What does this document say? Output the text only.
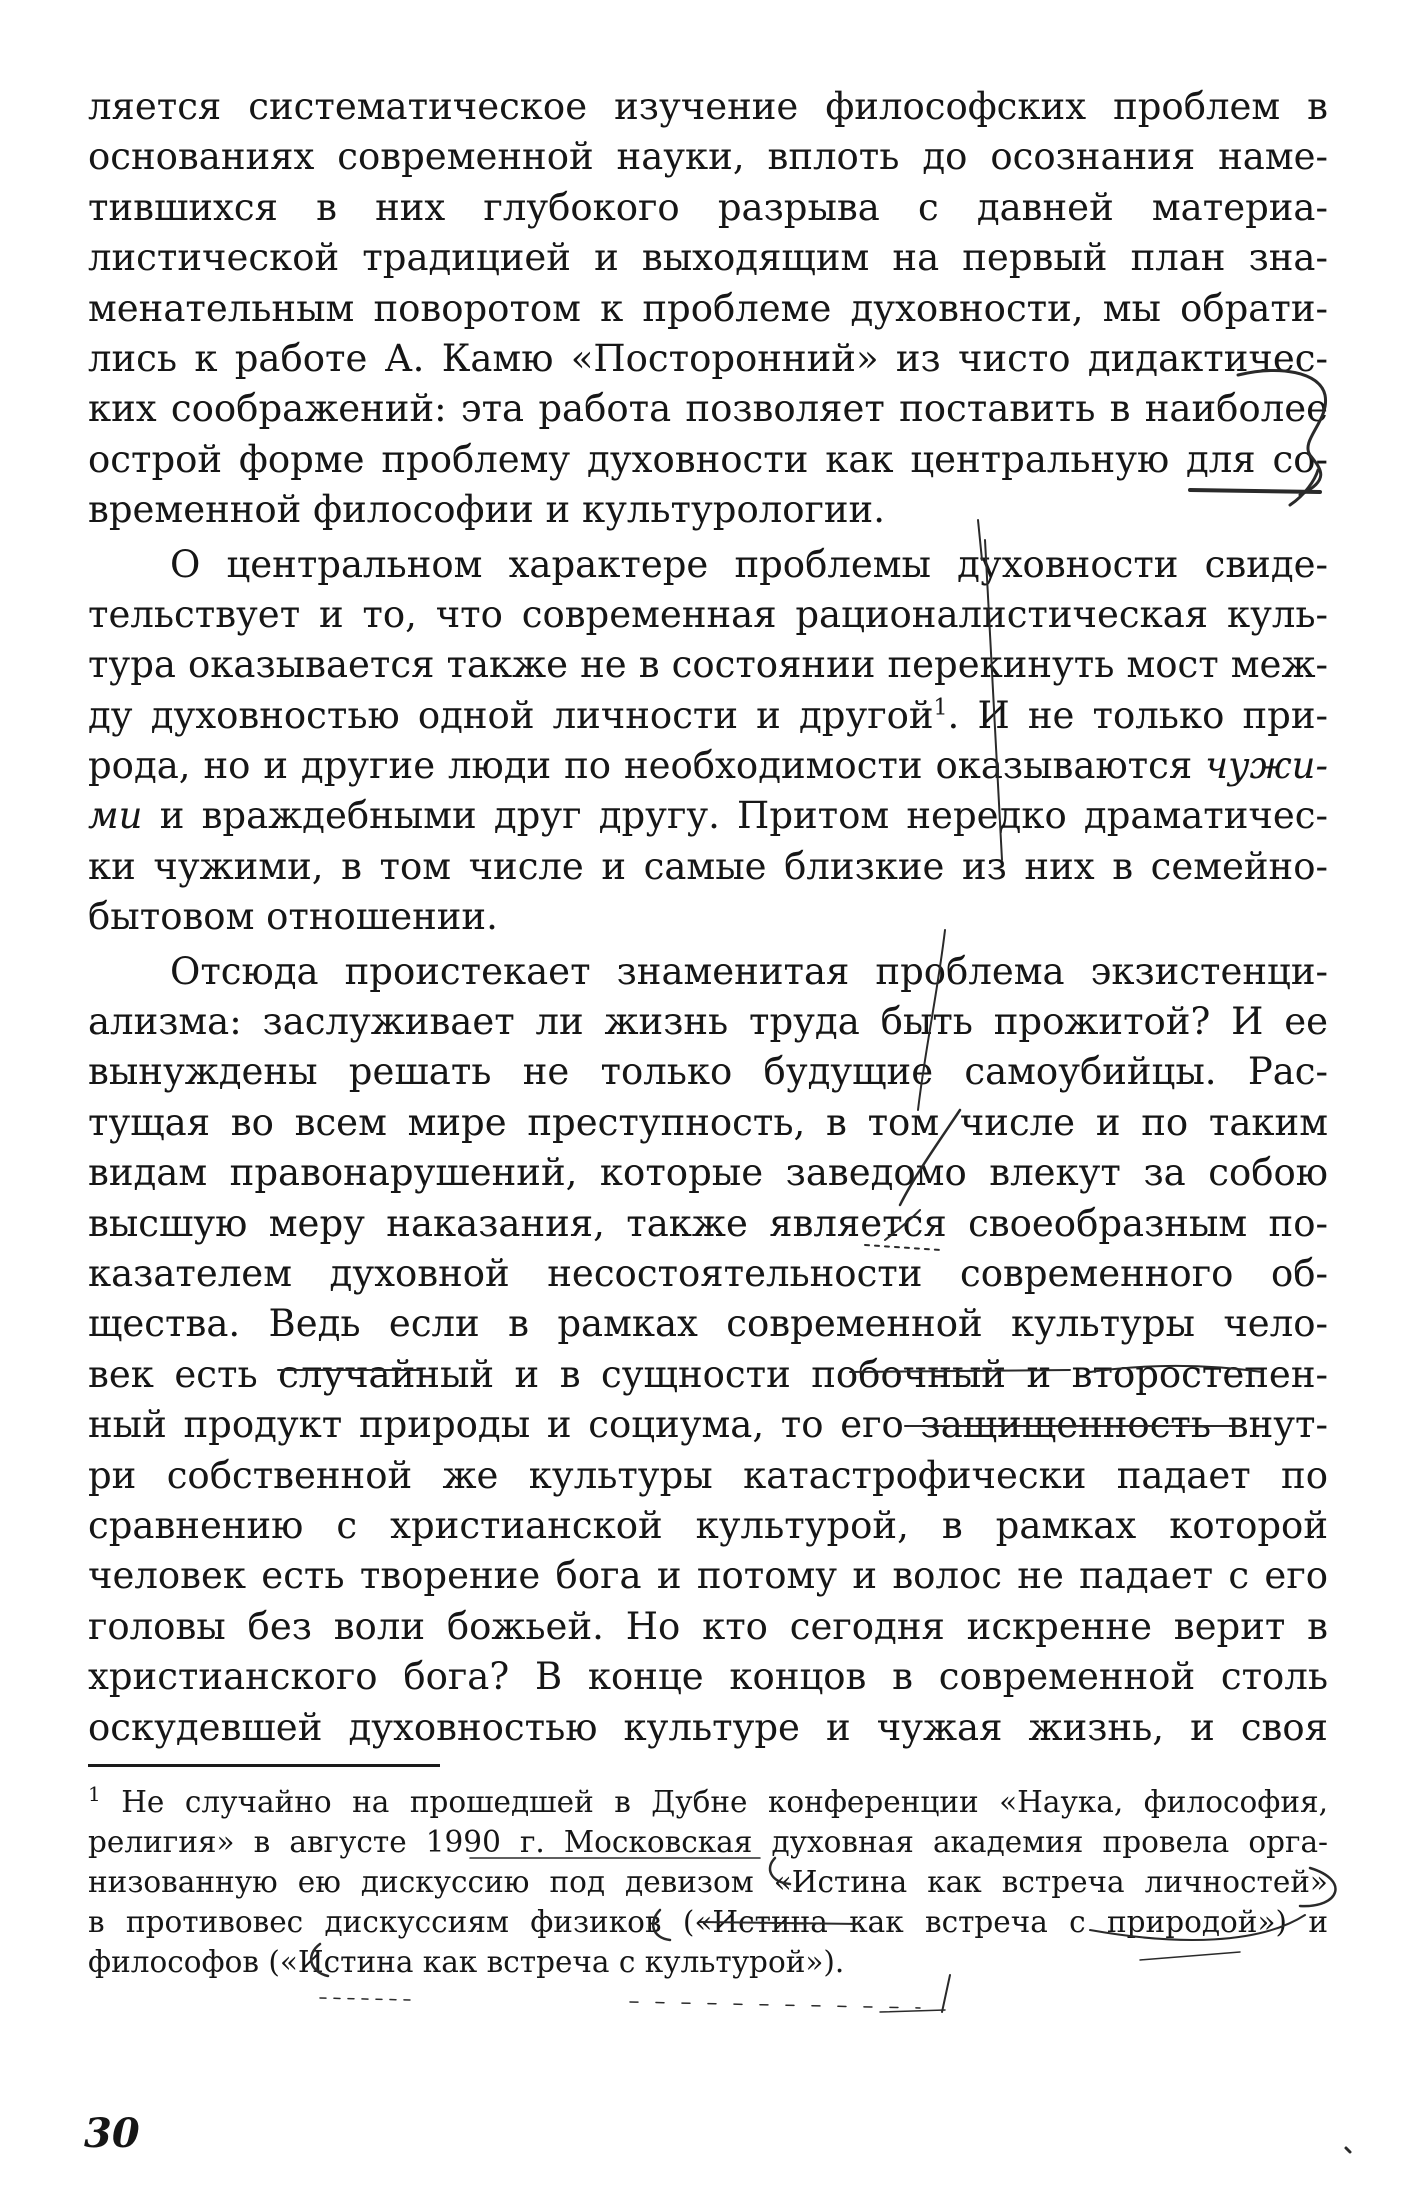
ляется систематическое изучение философских проблем в
основаниях современной науки, вплоть до осознания наме-
тившихся в них глубокого разрыва с давней материа-
листической традицией и выходящим на первый план зна-
менательным поворотом к проблеме духовности, мы обрати-
лись к работе А. Камю «Посторонний» из чисто дидактичес-
ких соображений: эта работа позволяет поставить в наиболее
острой форме проблему духовности как центральную для со-
временной философии и культурологии.
О центральном характере проблемы духовности свиде-
тельствует и то, что современная рационалистическая куль-
тура оказывается также не в состоянии перекинуть мост меж-
ду духовностью одной личности и другой$^1$. И не только при-
рода, но и другие люди по необходимости оказываются чужи-
ми и враждебными друг другу. Притом нередко драматичес-
ки чужими, в том числе и самые близкие из них в семейно-
бытовом отношении.
Отсюда проистекает знаменитая проблема экзистенци-
ализма: заслуживает ли жизнь труда быть прожитой? И ее
вынуждены решать не только будущие самоубийцы. Рас-
тущая во всем мире преступность, в том числе и по таким
видам правонарушений, которые заведомо влекут за собою
высшую меру наказания, также является своеобразным по-
казателем духовной несостоятельности современного об-
щества. Ведь если в рамках современной культуры чело-
век есть случайный и в сущности побочный и второстепен-
ный продукт природы и социума, то его защищенность внут-
ри собственной же культуры катастрофически падает по
сравнению с христианской культурой, в рамках которой
человек есть творение бога и потому и волос не падает с его
головы без воли божьей. Но кто сегодня искренне верит в
христианского бога? В конце концов в современной столь
оскудевшей духовностью культуре и чужая жизнь, и своя
$^1$ Не случайно на прошедшей в Дубне конференции «Наука, философия,
религия» в августе 1990 г. Московская духовная академия провела орга-
низованную ею дискуссию под девизом «Истина как встреча личностей»
в противовес дискуссиям физиков («Истина как встреча с природой») и
философов («Истина как встреча с культурой»).
30
